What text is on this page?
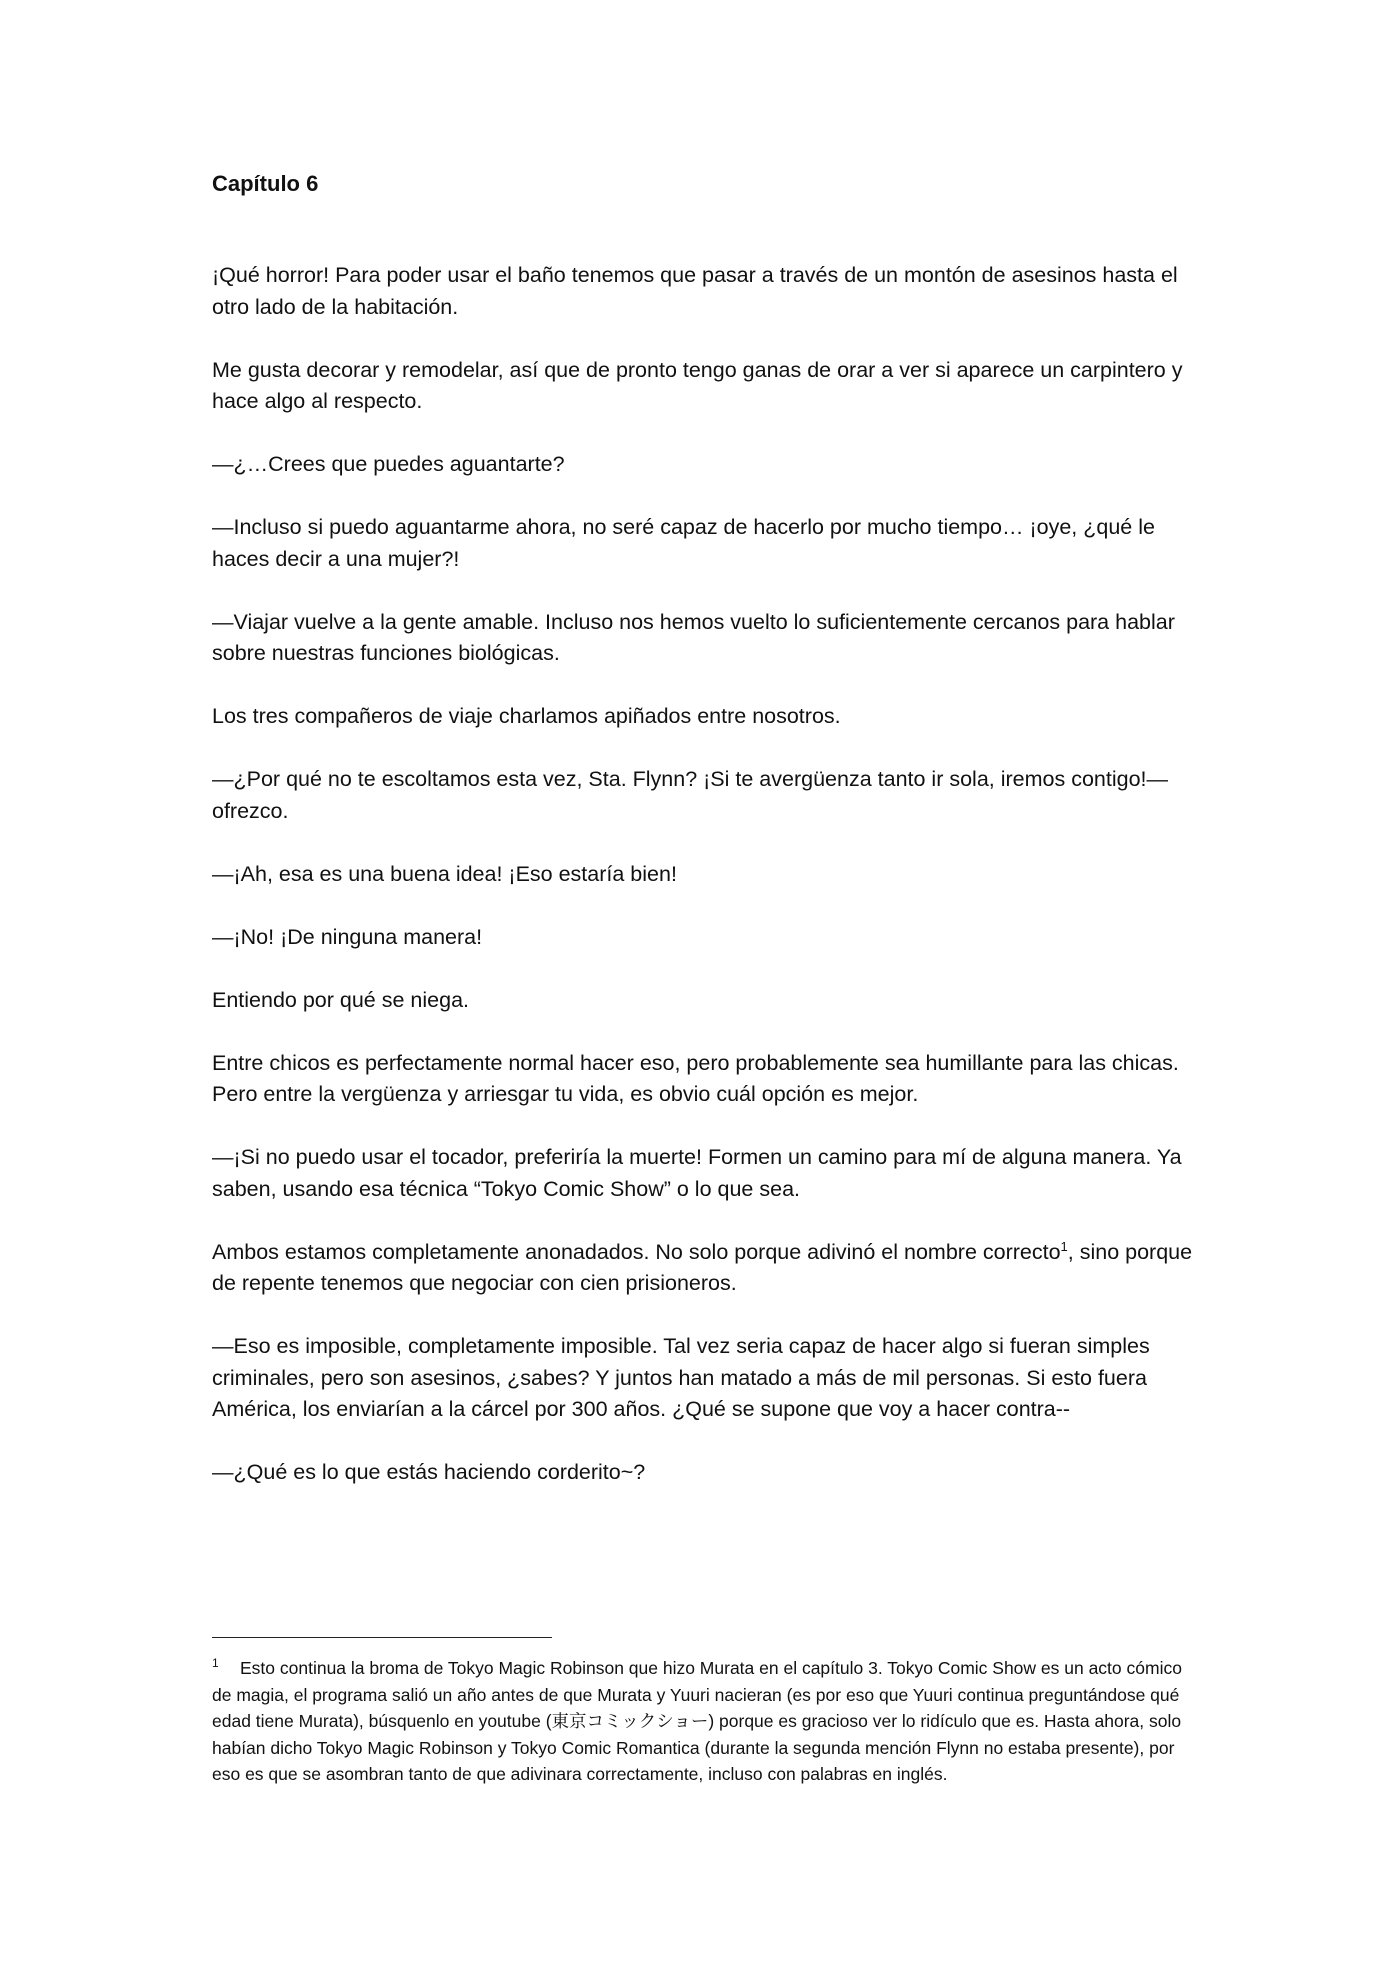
Capítulo 6

¡Qué horror! Para poder usar el baño tenemos que pasar a través de un montón de asesinos hasta el otro lado de la habitación.

Me gusta decorar y remodelar, así que de pronto tengo ganas de orar a ver si aparece un carpintero y hace algo al respecto.

—¿…Crees que puedes aguantarte?

—Incluso si puedo aguantarme ahora, no seré capaz de hacerlo por mucho tiempo… ¡oye, ¿qué le haces decir a una mujer?!

—Viajar vuelve a la gente amable. Incluso nos hemos vuelto lo suficientemente cercanos para hablar sobre nuestras funciones biológicas.

Los tres compañeros de viaje charlamos apiñados entre nosotros.

—¿Por qué no te escoltamos esta vez, Sta. Flynn? ¡Si te avergüenza tanto ir sola, iremos contigo!—ofrezco.

—¡Ah, esa es una buena idea! ¡Eso estaría bien!

—¡No! ¡De ninguna manera!

Entiendo por qué se niega.

Entre chicos es perfectamente normal hacer eso, pero probablemente sea humillante para las chicas. Pero entre la vergüenza y arriesgar tu vida, es obvio cuál opción es mejor.

—¡Si no puedo usar el tocador, preferiría la muerte! Formen un camino para mí de alguna manera. Ya saben, usando esa técnica “Tokyo Comic Show” o lo que sea.

Ambos estamos completamente anonadados. No solo porque adivinó el nombre correcto$^1$, sino porque de repente tenemos que negociar con cien prisioneros.

—Eso es imposible, completamente imposible. Tal vez seria capaz de hacer algo si fueran simples criminales, pero son asesinos, ¿sabes? Y juntos han matado a más de mil personas. Si esto fuera América, los enviarían a la cárcel por 300 años. ¿Qué se supone que voy a hacer contra--

—¿Qué es lo que estás haciendo corderito~?

1 Esto continua la broma de Tokyo Magic Robinson que hizo Murata en el capítulo 3. Tokyo Comic Show es un acto cómico de magia, el programa salió un año antes de que Murata y Yuuri nacieran (es por eso que Yuuri continua preguntándose qué edad tiene Murata), búsquenlo en youtube (東京コミックショー) porque es gracioso ver lo ridículo que es. Hasta ahora, solo habían dicho Tokyo Magic Robinson y Tokyo Comic Romantica (durante la segunda mención Flynn no estaba presente), por eso es que se asombran tanto de que adivinara correctamente, incluso con palabras en inglés.
